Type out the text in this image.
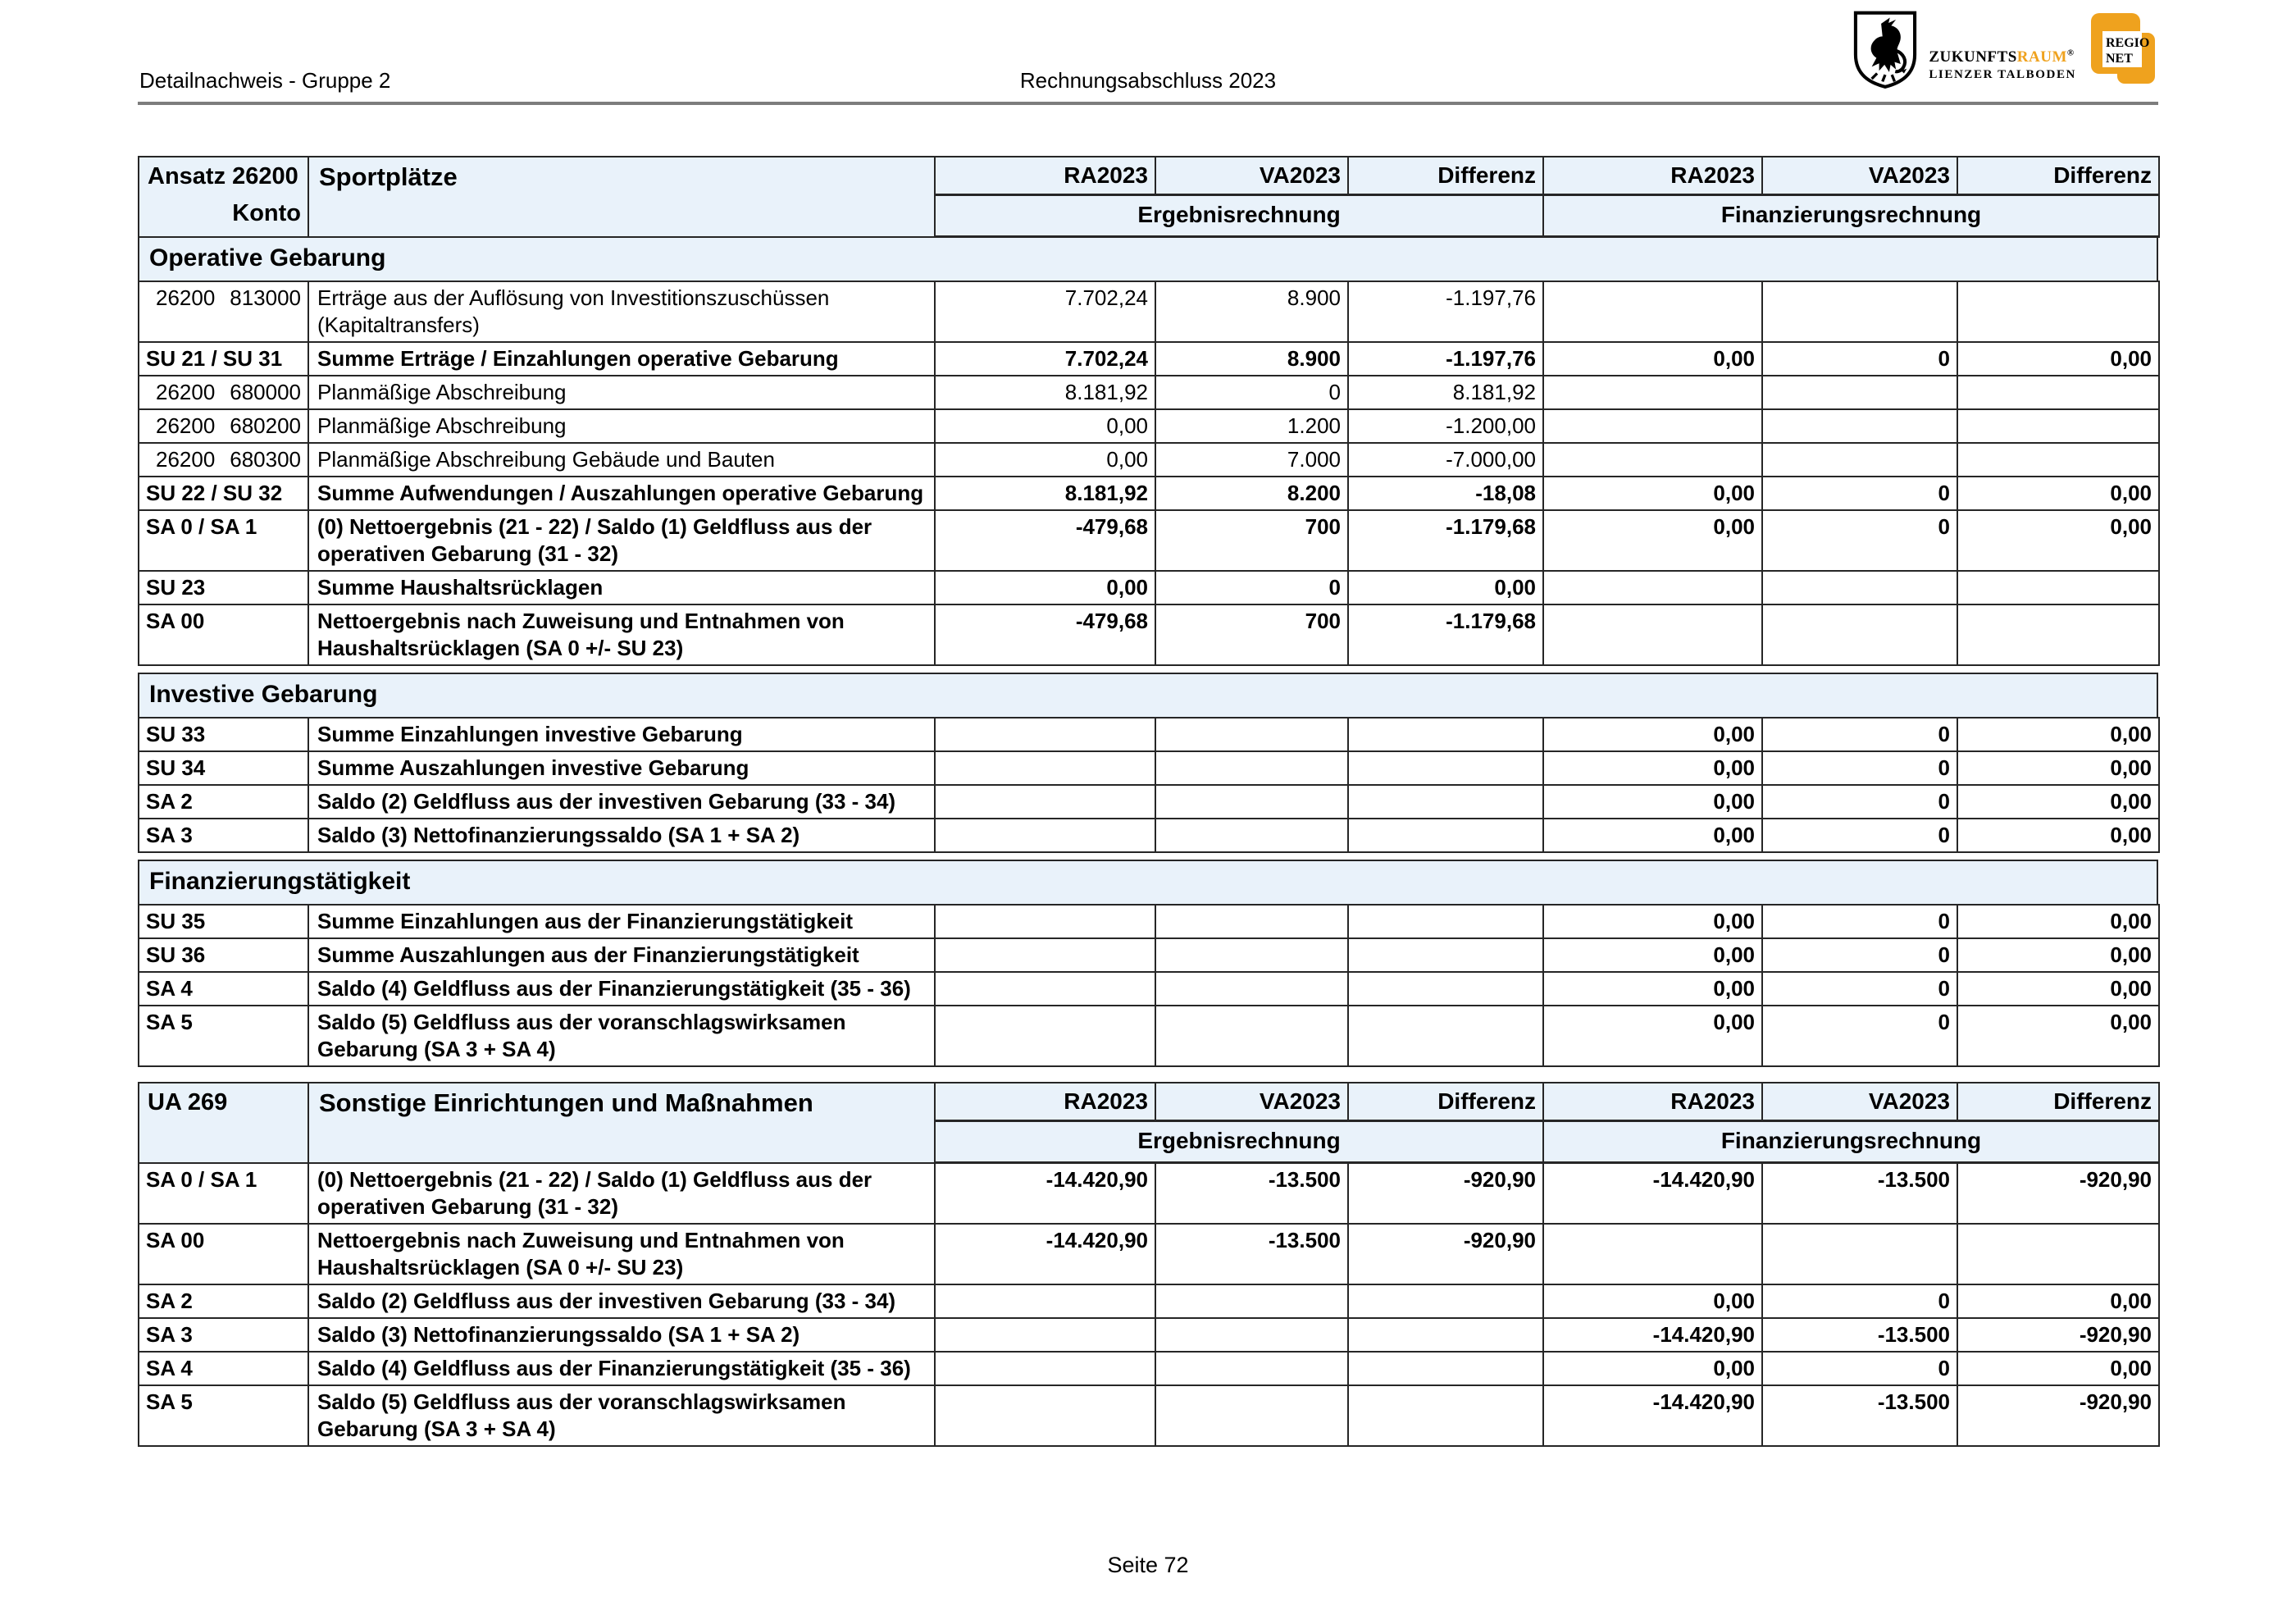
Detailnachweis - Gruppe 2	Rechnungsabschluss 2023
ZUKUNFTSRAUM®
LIENZER TALBODEN
REGIO
NET
Ansatz 26200
Konto	Sportplätze	RA2023	VA2023	Differenz	RA2023	VA2023	Differenz
		Ergebnisrechnung			Finanzierungsrechnung		
Operative Gebarung
26200 813000	Erträge aus der Auflösung von Investitionszuschüssen (Kapitaltransfers)	7.702,24	8.900	-1.197,76			
SU 21 / SU 31	Summe Erträge / Einzahlungen operative Gebarung	7.702,24	8.900	-1.197,76	0,00	0	0,00
26200 680000	Planmäßige Abschreibung	8.181,92	0	8.181,92			
26200 680200	Planmäßige Abschreibung	0,00	1.200	-1.200,00			
26200 680300	Planmäßige Abschreibung Gebäude und Bauten	0,00	7.000	-7.000,00			
SU 22 / SU 32	Summe Aufwendungen / Auszahlungen operative Gebarung	8.181,92	8.200	-18,08	0,00	0	0,00
SA 0 / SA 1	(0) Nettoergebnis (21 - 22) / Saldo (1) Geldfluss aus der operativen Gebarung (31 - 32)	-479,68	700	-1.179,68	0,00	0	0,00
SU 23	Summe Haushaltsrücklagen	0,00	0	0,00			
SA 00	Nettoergebnis nach Zuweisung und Entnahmen von Haushaltsrücklagen (SA 0 +/- SU 23)	-479,68	700	-1.179,68			
Investive Gebarung
SU 33	Summe Einzahlungen investive Gebarung				0,00	0	0,00
SU 34	Summe Auszahlungen investive Gebarung				0,00	0	0,00
SA 2	Saldo (2) Geldfluss aus der investiven Gebarung (33 - 34)				0,00	0	0,00
SA 3	Saldo (3) Nettofinanzierungssaldo (SA 1 + SA 2)				0,00	0	0,00
Finanzierungstätigkeit
SU 35	Summe Einzahlungen aus der Finanzierungstätigkeit				0,00	0	0,00
SU 36	Summe Auszahlungen aus der Finanzierungstätigkeit				0,00	0	0,00
SA 4	Saldo (4) Geldfluss aus der Finanzierungstätigkeit (35 - 36)				0,00	0	0,00
SA 5	Saldo (5) Geldfluss aus der voranschlagswirksamen Gebarung (SA 3 + SA 4)				0,00	0	0,00
UA 269	Sonstige Einrichtungen und Maßnahmen	RA2023	VA2023	Differenz	RA2023	VA2023	Differenz
		Ergebnisrechnung			Finanzierungsrechnung		
SA 0 / SA 1	(0) Nettoergebnis (21 - 22) / Saldo (1) Geldfluss aus der operativen Gebarung (31 - 32)	-14.420,90	-13.500	-920,90	-14.420,90	-13.500	-920,90
SA 00	Nettoergebnis nach Zuweisung und Entnahmen von Haushaltsrücklagen (SA 0 +/- SU 23)	-14.420,90	-13.500	-920,90			
SA 2	Saldo (2) Geldfluss aus der investiven Gebarung (33 - 34)				0,00	0	0,00
SA 3	Saldo (3) Nettofinanzierungssaldo (SA 1 + SA 2)				-14.420,90	-13.500	-920,90
SA 4	Saldo (4) Geldfluss aus der Finanzierungstätigkeit (35 - 36)				0,00	0	0,00
SA 5	Saldo (5) Geldfluss aus der voranschlagswirksamen Gebarung (SA 3 + SA 4)				-14.420,90	-13.500	-920,90
Seite 72
